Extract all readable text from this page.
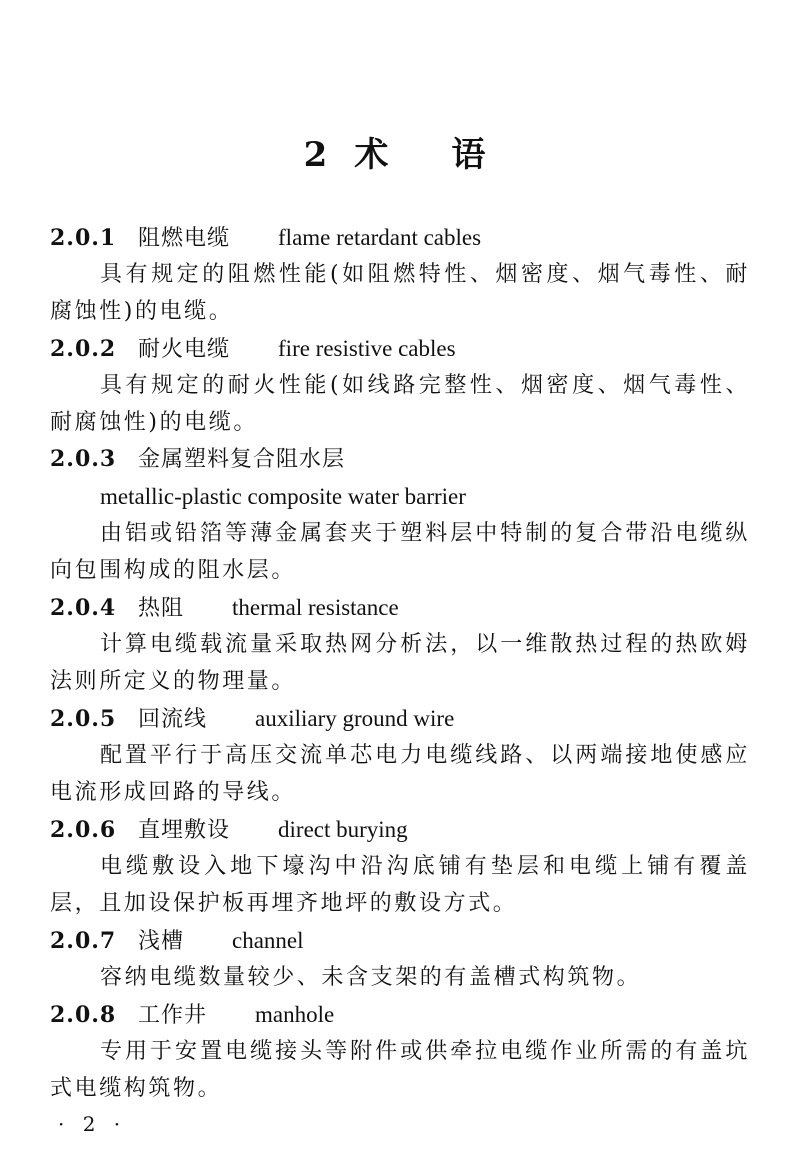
2 术 语
2.0.1 阻燃电缆 flame retardant cables

具有规定的阻燃性能(如阻燃特性、烟密度、烟气毒性、耐腐蚀性)的电缆。

2.0.2 耐火电缆 fire resistive cables

具有规定的耐火性能(如线路完整性、烟密度、烟气毒性、耐腐蚀性)的电缆。

2.0.3 金属塑料复合阻水层metallic-plastic composite water barrier

由铝或铅箔等薄金属套夹于塑料层中特制的复合带沿电缆纵向包围构成的阻水层。

2.0.4 热阻 thermal resistance

计算电缆载流量采取热网分析法，以一维散热过程的热欧姆法则所定义的物理量。

2.0.5 回流线 auxiliary ground wire

配置平行于高压交流单芯电力电缆线路、以两端接地使感应电流形成回路的导线。

2.0.6 直埋敷设 direct burying

电缆敷设入地下壕沟中沿沟底铺有垫层和电缆上铺有覆盖层，且加设保护板再埋齐地坪的敷设方式。

2.0.7 浅槽 channel

容纳电缆数量较少、未含支架的有盖槽式构筑物。

2.0.8 工作井 manhole

专用于安置电缆接头等附件或供牵拉电缆作业所需的有盖坑式电缆构筑物。

· 2 ·
